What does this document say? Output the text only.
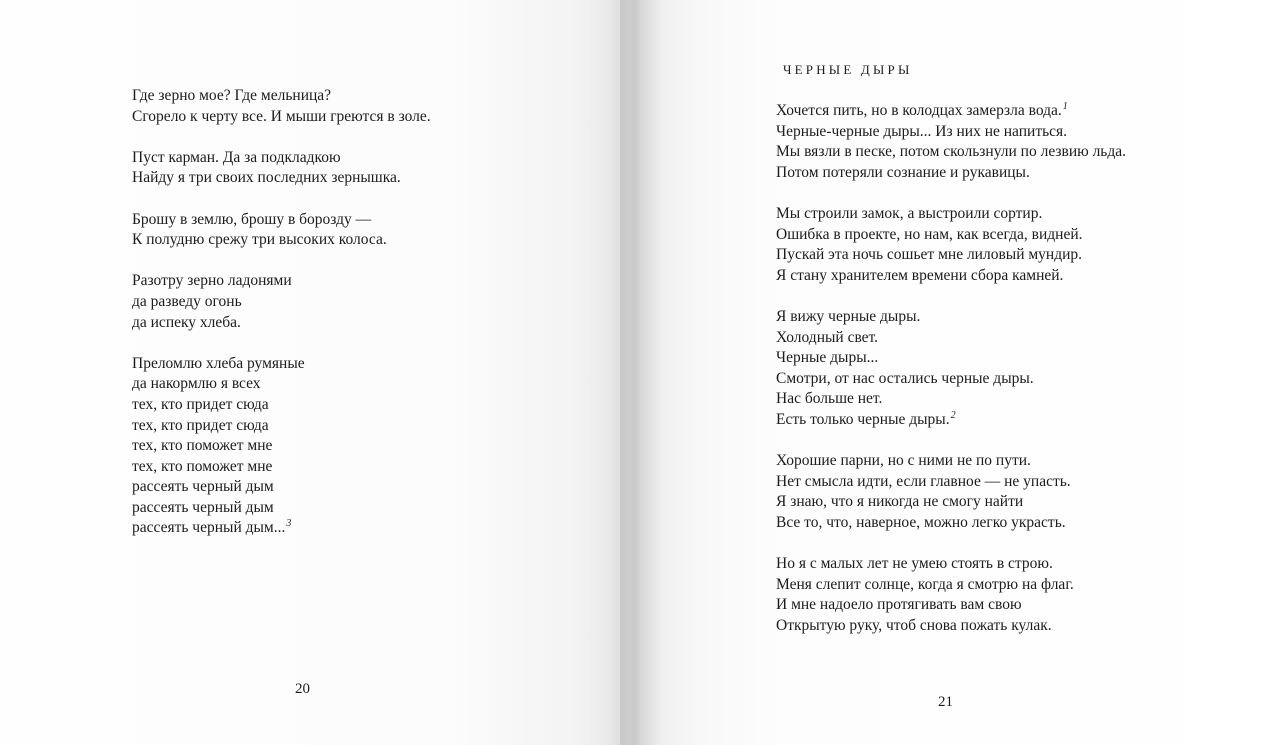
Где зерно мое? Где мельница?
Сгорело к черту все. И мыши греются в золе.
Пуст карман. Да за подкладкою
Найду я три своих последних зернышка.
Брошу в землю, брошу в борозду —
К полудню срежу три высоких колоса.
Разотру зерно ладонями
да разведу огонь
да испеку хлеба.
Преломлю хлеба румяные
да накормлю я всех
тех, кто придет сюда
тех, кто придет сюда
тех, кто поможет мне
тех, кто поможет мне
рассеять черный дым
рассеять черный дым
рассеять черный дым...$^3$
20
ЧЕРНЫЕ ДЫРЫ
Хочется пить, но в колодцах замерзла вода.$^1$
Черные-черные дыры... Из них не напиться.
Мы вязли в песке, потом скользнули по лезвию льда.
Потом потеряли сознание и рукавицы.
Мы строили замок, а выстроили сортир.
Ошибка в проекте, но нам, как всегда, видней.
Пускай эта ночь сошьет мне лиловый мундир.
Я стану хранителем времени сбора камней.
Я вижу черные дыры.
Холодный свет.
Черные дыры...
Смотри, от нас остались черные дыры.
Нас больше нет.
Есть только черные дыры.$^2$
Хорошие парни, но с ними не по пути.
Нет смысла идти, если главное — не упасть.
Я знаю, что я никогда не смогу найти
Все то, что, наверное, можно легко украсть.
Но я с малых лет не умею стоять в строю.
Меня слепит солнце, когда я смотрю на флаг.
И мне надоело протягивать вам свою
Открытую руку, чтоб снова пожать кулак.
21
